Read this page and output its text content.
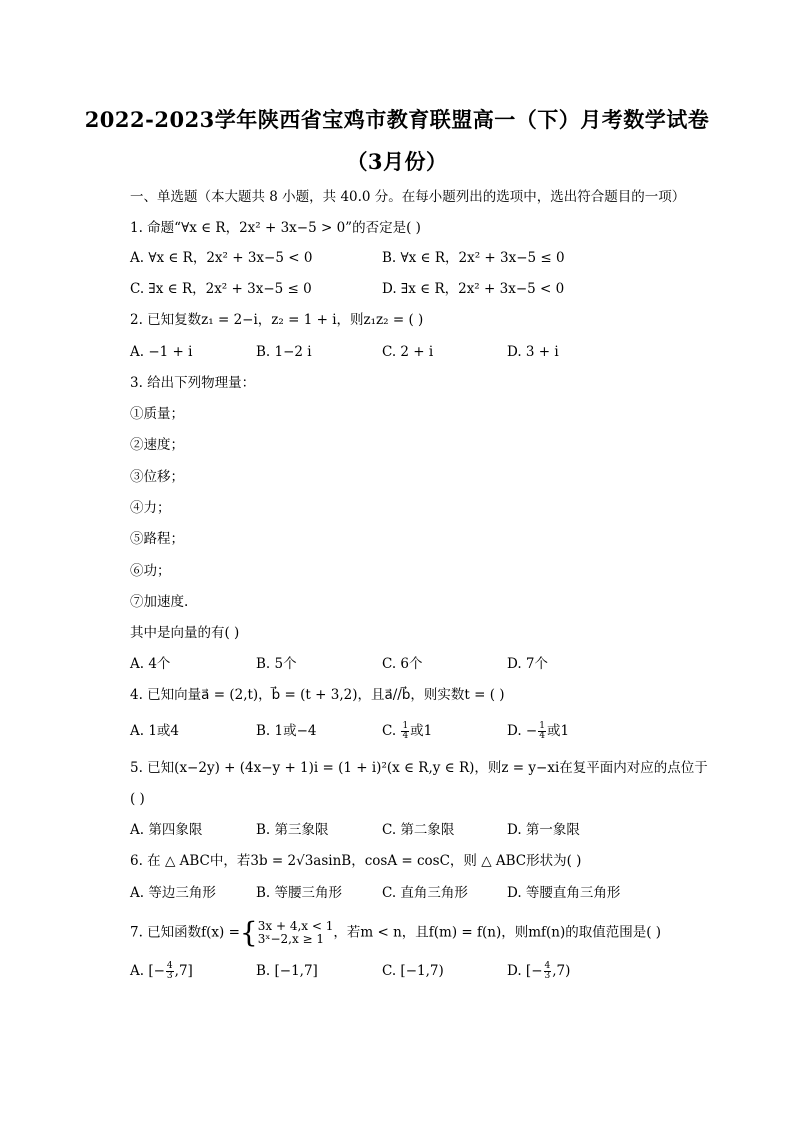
2022-2023学年陕西省宝鸡市教育联盟高一（下）月考数学试卷
（3月份）
一、单选题（本大题共 8 小题，共 40.0 分。在每小题列出的选项中，选出符合题目的一项）
1. 命题“∀x ∈ R，2x² + 3x−5 > 0”的否定是( )
A. ∀x ∈ R，2x² + 3x−5 < 0	B. ∀x ∈ R，2x² + 3x−5 ≤ 0
C. ∃x ∈ R，2x² + 3x−5 ≤ 0	D. ∃x ∈ R，2x² + 3x−5 < 0
2. 已知复数z₁ = 2−i，z₂ = 1 + i，则z₁z₂ = ( )
A. −1 + i	B. 1−2 i	C. 2 + i	D. 3 + i
3. 给出下列物理量：
①质量；
②速度；
③位移；
④力；
⑤路程；
⑥功；
⑦加速度.
其中是向量的有( )
A. 4个	B. 5个	C. 6个	D. 7个
4. 已知向量a⃗ = (2,t)，b⃗ = (t + 3,2)，且a⃗//b⃗，则实数t = ( )
A. 1或4	B. 1或−4	C. $\frac{1}{4}$ 或1	D. − $\frac{1}{4}$ 或1
5. 已知(x−2y) + (4x−y + 1)i = (1 + i)²(x ∈ R,y ∈ R)，则z = y−xi在复平面内对应的点位于
( )
A. 第四象限	B. 第三象限	C. 第二象限	D. 第一象限
6. 在 △ ABC中，若3b = 2√3asinB，cosA = cosC，则 △ ABC形状为( )
A. 等边三角形	B. 等腰三角形	C. 直角三角形	D. 等腰直角三角形
7. 已知函数f(x) ={ 3x + 4,x < 1
3ˣ−2,x ≥ 1 ，若m < n，且f(m) = f(n)，则mf(n)的取值范围是( )
A. [− $\frac{4}{3} ,7$]	B. [−1,7]	C. [−1,7)	D. [− $\frac{4}{3} ,7$)
